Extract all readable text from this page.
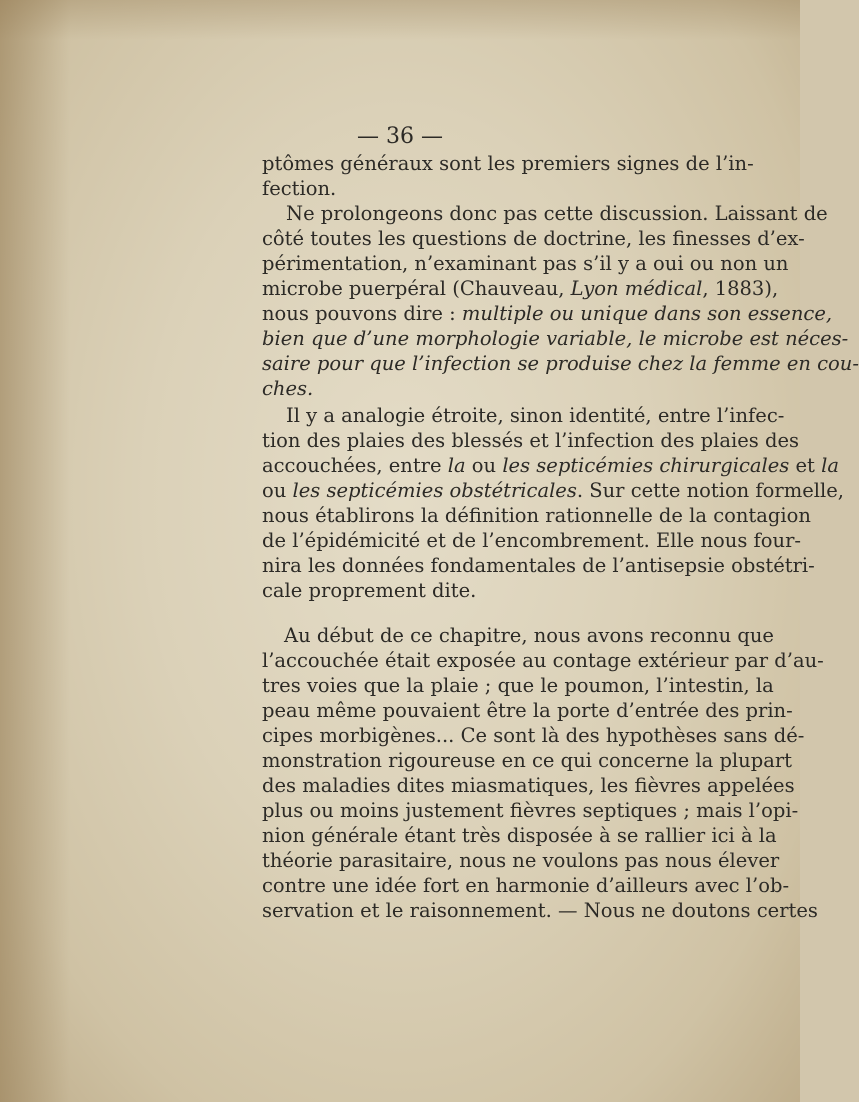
— 36 —
ptômes généraux sont les premiers signes de l’in-
fection.
Ne prolongeons donc pas cette discussion. Laissant de
côté toutes les questions de doctrine, les finesses d’ex-
périmentation, n’examinant pas s’il y a oui ou non un
microbe puerpéral (Chauveau, Lyon médical, 1883),
nous pouvons dire : multiple ou unique dans son essence,
bien que d’une morphologie variable, le microbe est néces-
saire pour que l’infection se produise chez la femme en cou-
ches.
Il y a analogie étroite, sinon identité, entre l’infec-
tion des plaies des blessés et l’infection des plaies des
accouchées, entre la ou les septicémies chirurgicales et la
ou les septicémies obstétricales. Sur cette notion formelle,
nous établirons la définition rationnelle de la contagion
de l’épidémicité et de l’encombrement. Elle nous four-
nira les données fondamentales de l’antisepsie obstétri-
cale proprement dite.
Au début de ce chapitre, nous avons reconnu que
l’accouchée était exposée au contage extérieur par d’au-
tres voies que la plaie ; que le poumon, l’intestin, la
peau même pouvaient être la porte d’entrée des prin-
cipes morbigènes... Ce sont là des hypothèses sans dé-
monstration rigoureuse en ce qui concerne la plupart
des maladies dites miasmatiques, les fièvres appelées
plus ou moins justement fièvres septiques ; mais l’opi-
nion générale étant très disposée à se rallier ici à la
théorie parasitaire, nous ne voulons pas nous élever
contre une idée fort en harmonie d’ailleurs avec l’ob-
servation et le raisonnement. — Nous ne doutons certes
